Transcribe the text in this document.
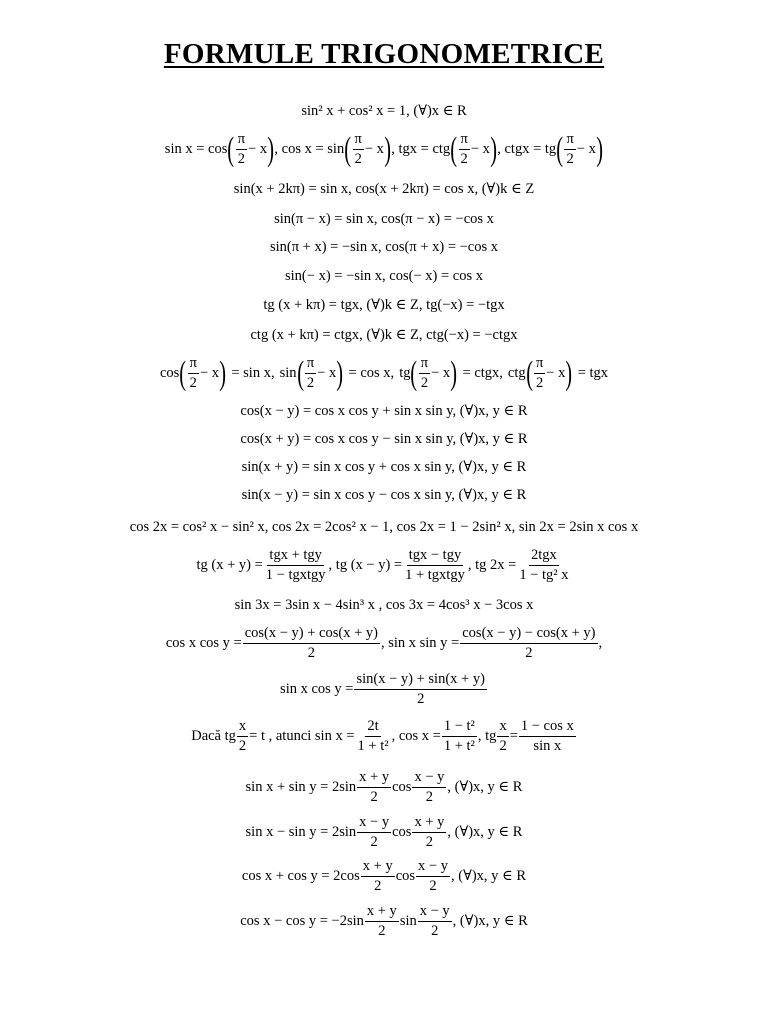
FORMULE TRIGONOMETRICE
sin² x + cos² x = 1, (∀)x ∈ R
sin x = cos ( $\frac{\pi}{2} - x$ ) , cos x = sin ( $\frac{\pi}{2} - x$ ) , tgx = ctg ( $\frac{\pi}{2} - x$ ) , ctgx = tg ( $\frac{\pi}{2} - x$ )
sin(x + 2kπ) = sin x, cos(x + 2kπ) = cos x, (∀)k ∈ Z
sin(π − x) = sin x, cos(π − x) = −cos x
sin(π + x) = −sin x, cos(π + x) = −cos x
sin(− x) = −sin x, cos(− x) = cos x
tg (x + kπ) = tgx, (∀)k ∈ Z, tg(−x) = −tgx
ctg (x + kπ) = ctgx, (∀)k ∈ Z, ctg(−x) = −ctgx
cos ( $\frac{\pi}{2} - x$ ) = sin x, sin ( $\frac{\pi}{2} - x$ ) = cos x, tg ( $\frac{\pi}{2} - x$ ) = ctgx, ctg ( $\frac{\pi}{2} - x$ ) = tgx
cos(x − y) = cos x cos y + sin x sin y, (∀)x, y ∈ R
cos(x + y) = cos x cos y − sin x sin y, (∀)x, y ∈ R
sin(x + y) = sin x cos y + cos x sin y, (∀)x, y ∈ R
sin(x − y) = sin x cos y − cos x sin y, (∀)x, y ∈ R
cos 2x = cos² x − sin² x, cos 2x = 2cos² x − 1, cos 2x = 1 − 2sin² x, sin 2x = 2sin x cos x
tg $(x + y) = \frac{\text{tgx + tgy}}{\text{1 − tgxtgy}}$ , tg $(x - y) = \frac{\text{tgx − tgy}}{\text{1 + tgxtgy}}$ , tg $2x = \frac{\text{2tgx}}{\text{1 − tg² x}}$
sin 3x = 3sin x − 4sin³ x , cos 3x = 4cos³ x − 3cos x
cos x $\cos y = \frac{\cos(x - y) + \cos(x + y)}{2}$ , sin x $\sin y = \frac{\cos(x - y) - \cos(x + y)}{2}$ ,
sin x $\cos y = \frac{\sin(x - y) + \sin(x + y)}{2}$
Dacă tg $\frac{x}{2} = t$ , atunci $\sin x = \frac{2t}{\text{1 + t²}}$ , $\cos x = \frac{\text{1 − t²}}{\text{1 + t²}}$ , tg $\frac{x}{2} = \frac{\text{1 − cos x}}{\text{sin x}}$
$\sin x + \sin y = 2\sin \frac{x + y}{2}$ $\cos \frac{x - y}{2}$ , (∀)x, y ∈ R
$\sin x - \sin y = 2\sin \frac{x - y}{2}$ $\cos \frac{x + y}{2}$ , (∀)x, y ∈ R
$\cos x + \cos y = 2\cos \frac{x + y}{2}$ $\cos \frac{x - y}{2}$ , (∀)x, y ∈ R
$\cos x - \cos y = -2\sin \frac{x + y}{2}$ $\sin \frac{x - y}{2}$ , (∀)x, y ∈ R
